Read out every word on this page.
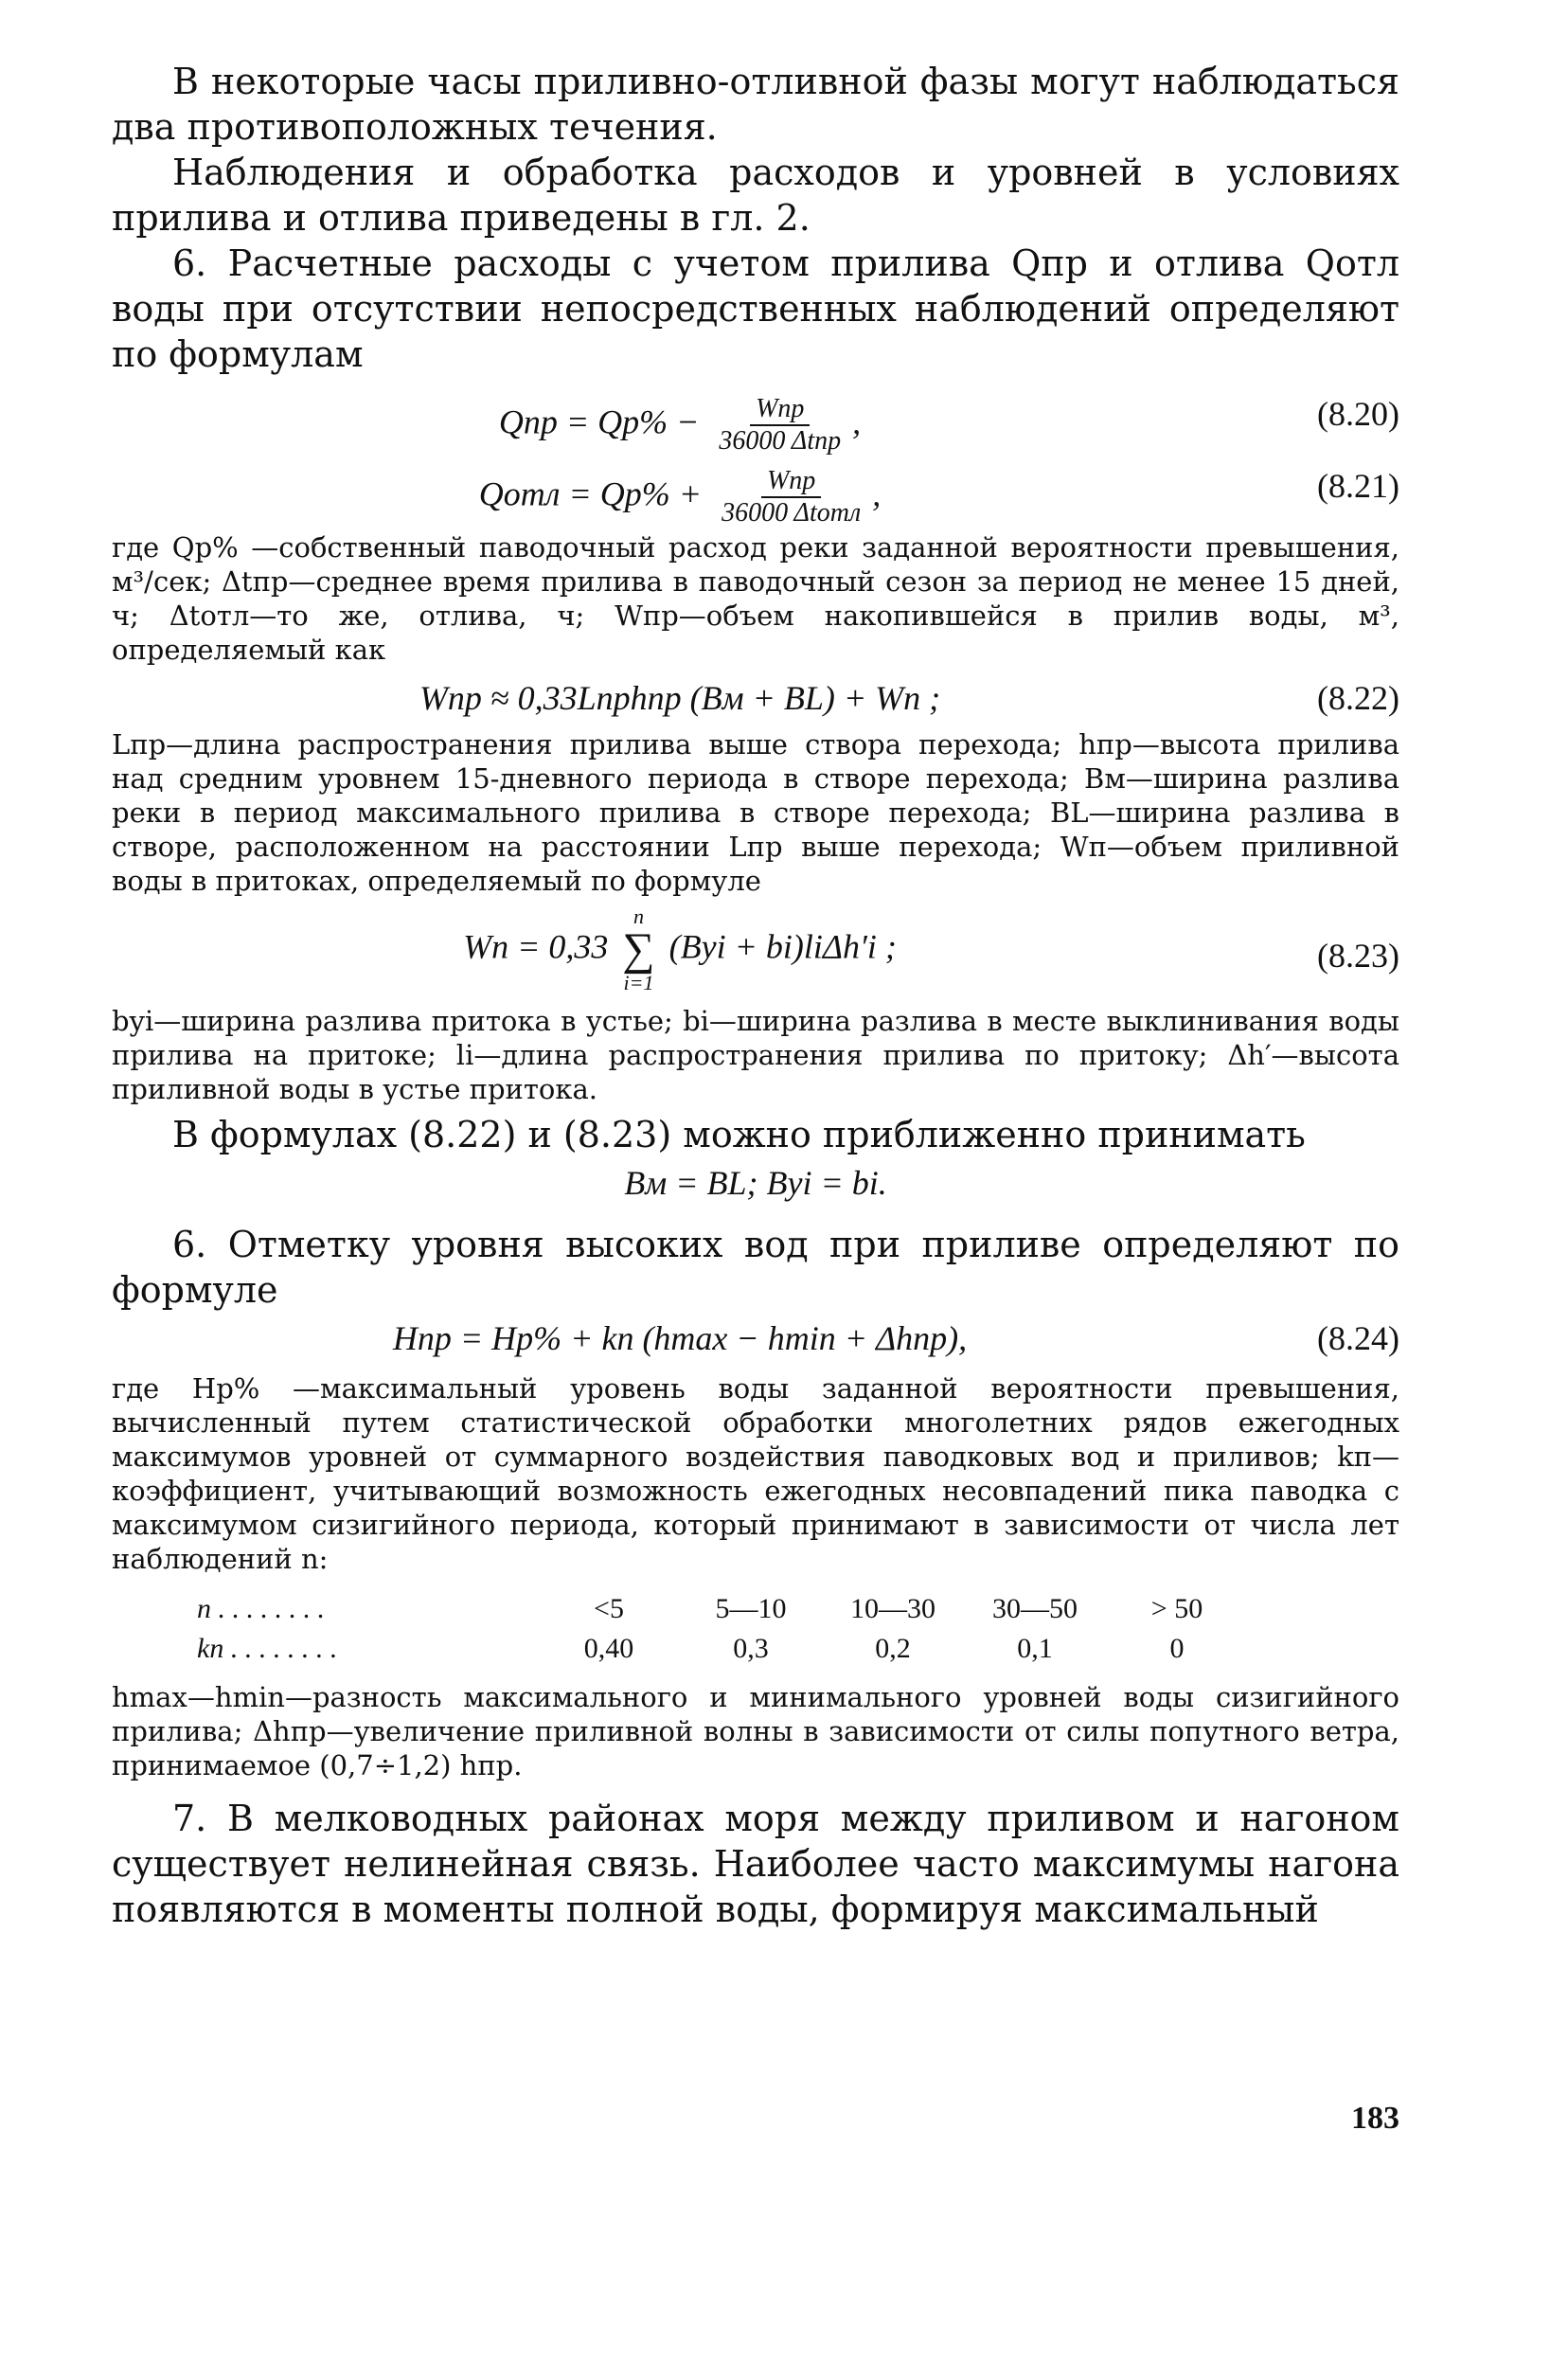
В некоторые часы приливно-отливной фазы могут наблюдаться два противоположных течения.

Наблюдения и обработка расходов и уровней в условиях прилива и отлива приведены в гл. 2.

6. Расчетные расходы с учетом прилива Qпр и отлива Qотл воды при отсутствии непосредственных наблюдений определяют по формулам

Qпр = $Qp\% - \frac{\text{Wпр}}{\text{36000 Δtпр}}$ ,	(8.20)
Qотл = $Qp\% + \frac{\text{Wпр}}{\text{36000 Δtотл}}$ ,	(8.21)

где Qp% —собственный паводочный расход реки заданной вероятности превышения, м³/сек; Δtпр—среднее время прилива в паводочный сезон за период не менее 15 дней, ч; Δtотл—то же, отлива, ч; Wпр—объем накопившейся в прилив воды, м³, определяемый как

Wпр ≈ 0,33Lпрhпр (Bм + BL) + Wп ;	(8.22)

Lпр—длина распространения прилива выше створа перехода; hпр—высота прилива над средним уровнем 15-дневного периода в створе перехода; Bм—ширина разлива реки в период максимального прилива в створе перехода; BL—ширина разлива в створе, расположенном на расстоянии Lпр выше перехода; Wп—объем приливной воды в притоках, определяемый по формуле

Wп = 0,33
n
∑
i=1
(Byi + bi)liΔh′i ;	(8.23)

byi—ширина разлива притока в устье; bi—ширина разлива в месте выклинивания воды прилива на притоке; li—длина распространения прилива по притоку; Δh′—высота приливной воды в устье притока.

В формулах (8.22) и (8.23) можно приближенно принимать

Bм = BL; Byi = bi.

6. Отметку уровня высоких вод при приливе определяют по формуле

Hпр = Hp% + kп (hmax − hmin + Δhпр),	(8.24)

где Hp% —максимальный уровень воды заданной вероятности превышения, вычисленный путем статистической обработки многолетних рядов ежегодных максимумов уровней от суммарного воздействия паводковых вод и приливов; kп—коэффициент, учитывающий возможность ежегодных несовпадений пика паводка с максимумом сизигийного периода, который принимают в зависимости от числа лет наблюдений n:

n . . . . . . . .	<5	5—10	10—30	30—50	> 50
kп . . . . . . . .	0,40	0,3	0,2	0,1	0

hmax—hmin—разность максимального и минимального уровней воды сизигийного прилива; Δhпр—увеличение приливной волны в зависимости от силы попутного ветра, принимаемое (0,7÷1,2) hпр.

7. В мелководных районах моря между приливом и нагоном существует нелинейная связь. Наиболее часто максимумы нагона появляются в моменты полной воды, формируя максимальный

183
